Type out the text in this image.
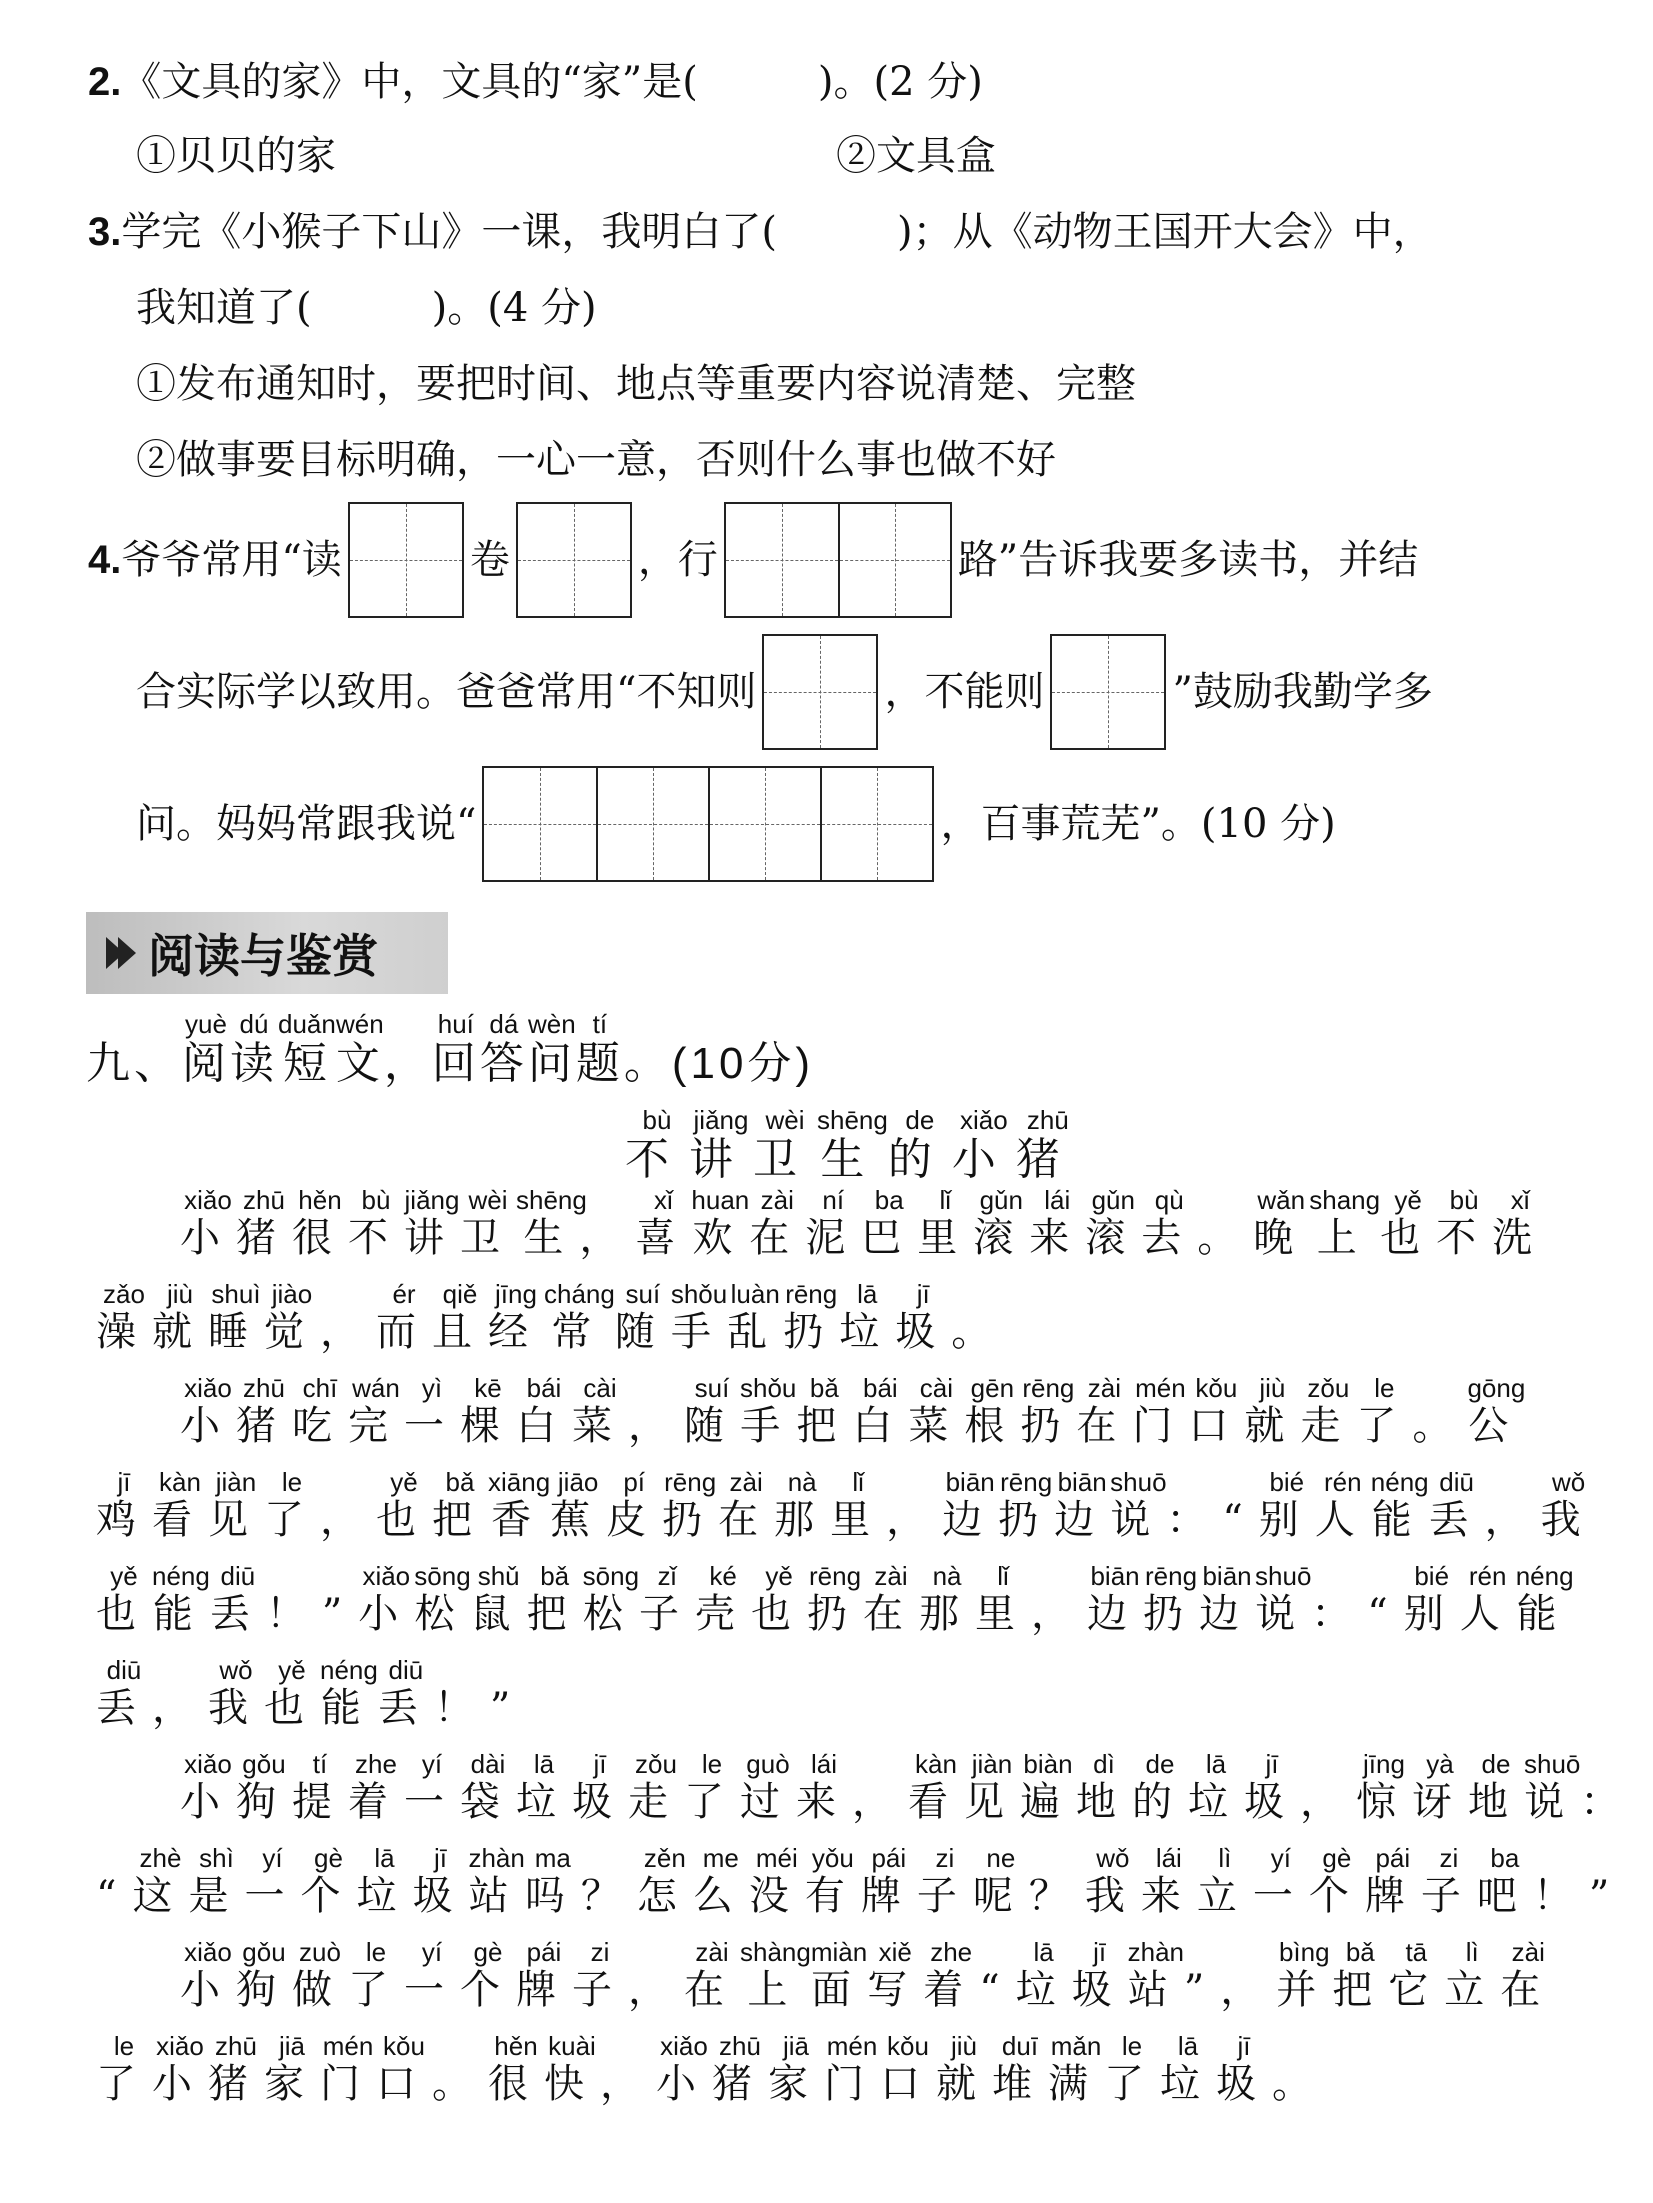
2.《文具的家》中，文具的“家”是(　　　)。(2 分)
①贝贝的家	②文具盒
3.学完《小猴子下山》一课，我明白了(　　　)；从《动物王国开大会》中，
我知道了(　　　)。(4 分)
①发布通知时，要把时间、地点等重要内容说清楚、完整
②做事要目标明确，一心一意，否则什么事也做不好
4. 爷爷常用“读	卷	，行	路”告诉我要多读书，并结
合实际学以致用。爸爸常用“不知则	，不能则	”鼓励我勤学多
问。妈妈常跟我说“	，百事荒芜”。(10 分)
阅读与鉴赏
九、阅yuè读dú短duǎn文wén，回huí答dá问wèn题tí。(10分)
不bù讲jiǎng卫wèi生shēng的de小xiǎo猪zhū
小xiǎo猪zhū很hěn不bù讲jiǎng卫wèi生shēng，喜xǐ欢huan在zài泥ní巴ba里lǐ滚gǔn来lái滚gǔn去qù。晚wǎn上shang也yě不bù洗xǐ
澡zǎo就jiù睡shuì觉jiào，而ér且qiě经jīng常cháng随suí手shǒu乱luàn扔rēng垃lā圾jī。
小xiǎo猪zhū吃chī完wán一yì棵kē白bái菜cài，随suí手shǒu把bǎ白bái菜cài根gēn扔rēng在zài门mén口kǒu就jiù走zǒu了le。公gōng
鸡jī看kàn见jiàn了le，也yě把bǎ香xiāng蕉jiāo皮pí扔rēng在zài那nà里lǐ，边biān扔rēng边biān说shuō：“别bié人rén能néng丢diū，我wǒ
也yě能néng丢diū！”小xiǎo松sōng鼠shǔ把bǎ松sōng子zǐ壳ké也yě扔rēng在zài那nà里lǐ，边biān扔rēng边biān说shuō：“别bié人rén能néng
丢diū，我wǒ也yě能néng丢diū！”
小xiǎo狗gǒu提tí着zhe一yí袋dài垃lā圾jī走zǒu了le过guò来lái，看kàn见jiàn遍biàn地dì的de垃lā圾jī，惊jīng讶yà地de说shuō：
“这zhè是shì一yí个gè垃lā圾jī站zhàn吗ma？怎zěn么me没méi有yǒu牌pái子zi呢ne？我wǒ来lái立lì一yí个gè牌pái子zi吧ba！”
小xiǎo狗gǒu做zuò了le一yí个gè牌pái子zi，在zài上shàng面miàn写xiě着zhe“垃lā圾jī站zhàn”，并bìng把bǎ它tā立lì在zài
了le小xiǎo猪zhū家jiā门mén口kǒu。很hěn快kuài，小xiǎo猪zhū家jiā门mén口kǒu就jiù堆duī满mǎn了le垃lā圾jī。
